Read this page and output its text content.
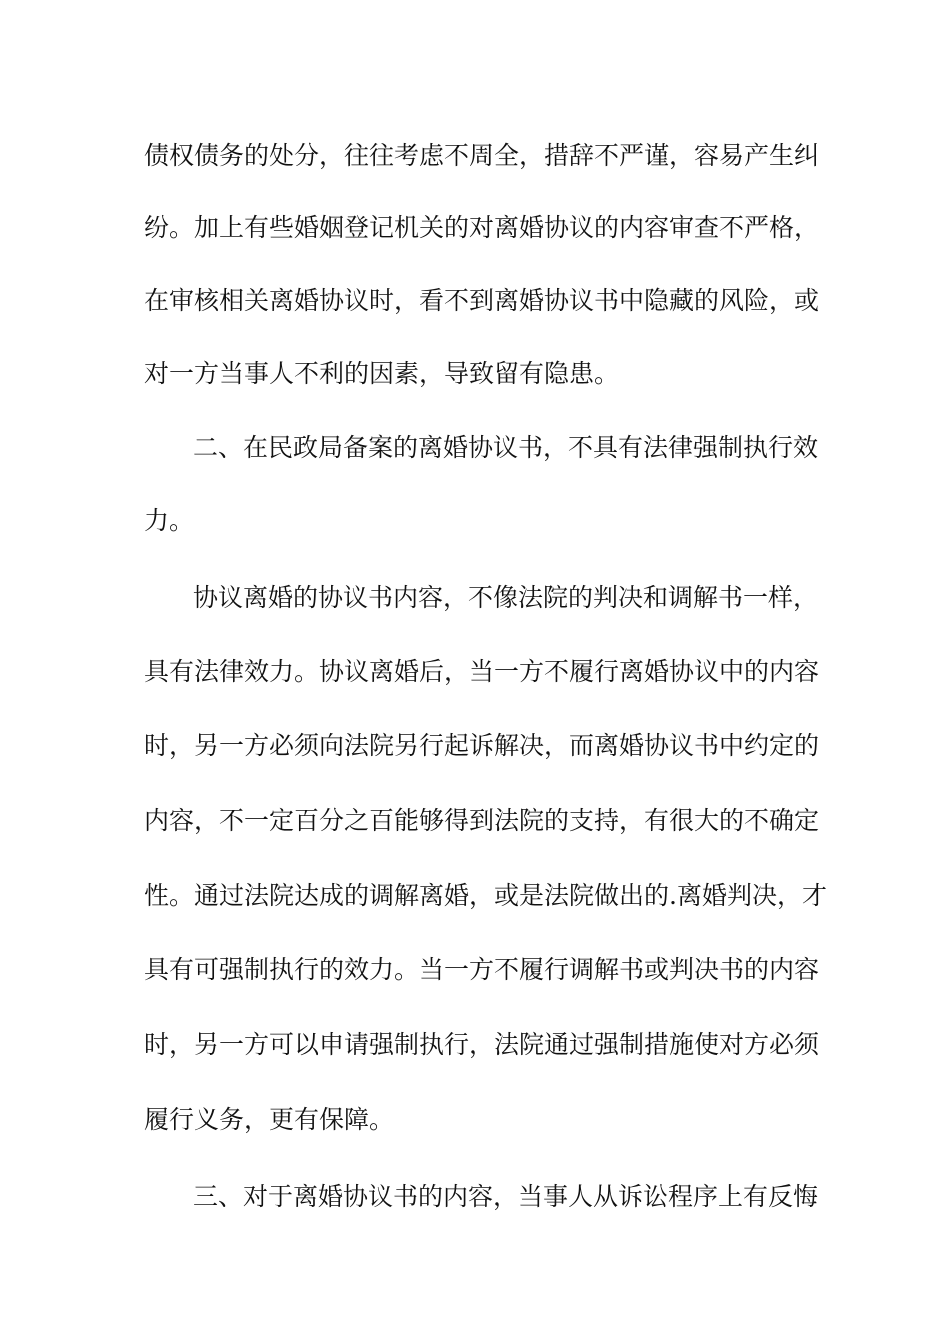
债权债务的处分，往往考虑不周全，措辞不严谨，容易产生纠
纷。加上有些婚姻登记机关的对离婚协议的内容审查不严格，
在审核相关离婚协议时，看不到离婚协议书中隐藏的风险，或
对一方当事人不利的因素，导致留有隐患。
二、在民政局备案的离婚协议书，不具有法律强制执行效
力。
协议离婚的协议书内容，不像法院的判决和调解书一样，
具有法律效力。协议离婚后，当一方不履行离婚协议中的内容
时，另一方必须向法院另行起诉解决，而离婚协议书中约定的
内容，不一定百分之百能够得到法院的支持，有很大的不确定
性。通过法院达成的调解离婚，或是法院做出的.离婚判决，才
具有可强制执行的效力。当一方不履行调解书或判决书的内容
时，另一方可以申请强制执行，法院通过强制措施使对方必须
履行义务，更有保障。
三、对于离婚协议书的内容，当事人从诉讼程序上有反悔
